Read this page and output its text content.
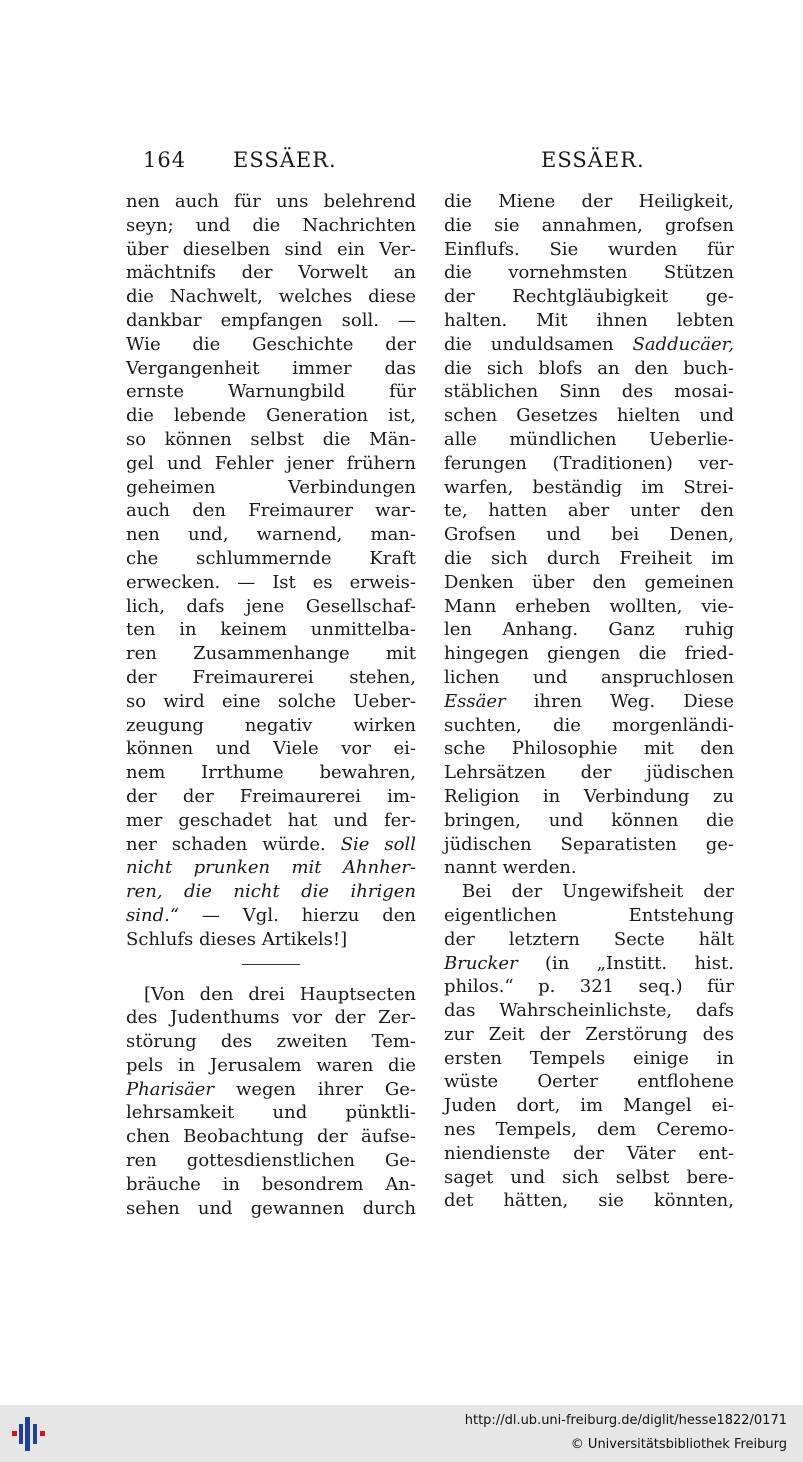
164 ESSÄER.	ESSÄER.
nen auch für uns belehrend
seyn; und die Nachrichten
über dieselben sind ein Ver-
mächtnifs der Vorwelt an
die Nachwelt, welches diese
dankbar empfangen soll. —
Wie die Geschichte der
Vergangenheit immer das
ernste Warnungbild für
die lebende Generation ist,
so können selbst die Män-
gel und Fehler jener frühern
geheimen Verbindungen
auch den Freimaurer war-
nen und, warnend, man-
che schlummernde Kraft
erwecken. — Ist es erweis-
lich, dafs jene Gesellschaf-
ten in keinem unmittelba-
ren Zusammenhange mit
der Freimaurerei stehen,
so wird eine solche Ueber-
zeugung negativ wirken
können und Viele vor ei-
nem Irrthume bewahren,
der der Freimaurerei im-
mer geschadet hat und fer-
ner schaden würde. Sie soll
nicht prunken mit Ahnher-
ren, die nicht die ihrigen
sind.“ — Vgl. hierzu den
Schlufs dieses Artikels!]
[Von den drei Hauptsecten
des Judenthums vor der Zer-
störung des zweiten Tem-
pels in Jerusalem waren die
Pharisäer wegen ihrer Ge-
lehrsamkeit und pünktli-
chen Beobachtung der äufse-
ren gottesdienstlichen Ge-
bräuche in besondrem An-
sehen und gewannen durch
die Miene der Heiligkeit,
die sie annahmen, grofsen
Einflufs. Sie wurden für
die vornehmsten Stützen
der Rechtgläubigkeit ge-
halten. Mit ihnen lebten
die unduldsamen Sadducäer,
die sich blofs an den buch-
stäblichen Sinn des mosai-
schen Gesetzes hielten und
alle mündlichen Ueberlie-
ferungen (Traditionen) ver-
warfen, beständig im Strei-
te, hatten aber unter den
Grofsen und bei Denen,
die sich durch Freiheit im
Denken über den gemeinen
Mann erheben wollten, vie-
len Anhang. Ganz ruhig
hingegen giengen die fried-
lichen und anspruchlosen
Essäer ihren Weg. Diese
suchten, die morgenländi-
sche Philosophie mit den
Lehrsätzen der jüdischen
Religion in Verbindung zu
bringen, und können die
jüdischen Separatisten ge-
nannt werden.
Bei der Ungewifsheit der
eigentlichen Entstehung
der letztern Secte hält
Brucker (in „Institt. hist.
philos.“ p. 321 seq.) für
das Wahrscheinlichste, dafs
zur Zeit der Zerstörung des
ersten Tempels einige in
wüste Oerter entflohene
Juden dort, im Mangel ei-
nes Tempels, dem Ceremo-
niendienste der Väter ent-
saget und sich selbst bere-
det hätten, sie könnten,
http://dl.ub.uni-freiburg.de/diglit/hesse1822/0171
© Universitätsbibliothek Freiburg
